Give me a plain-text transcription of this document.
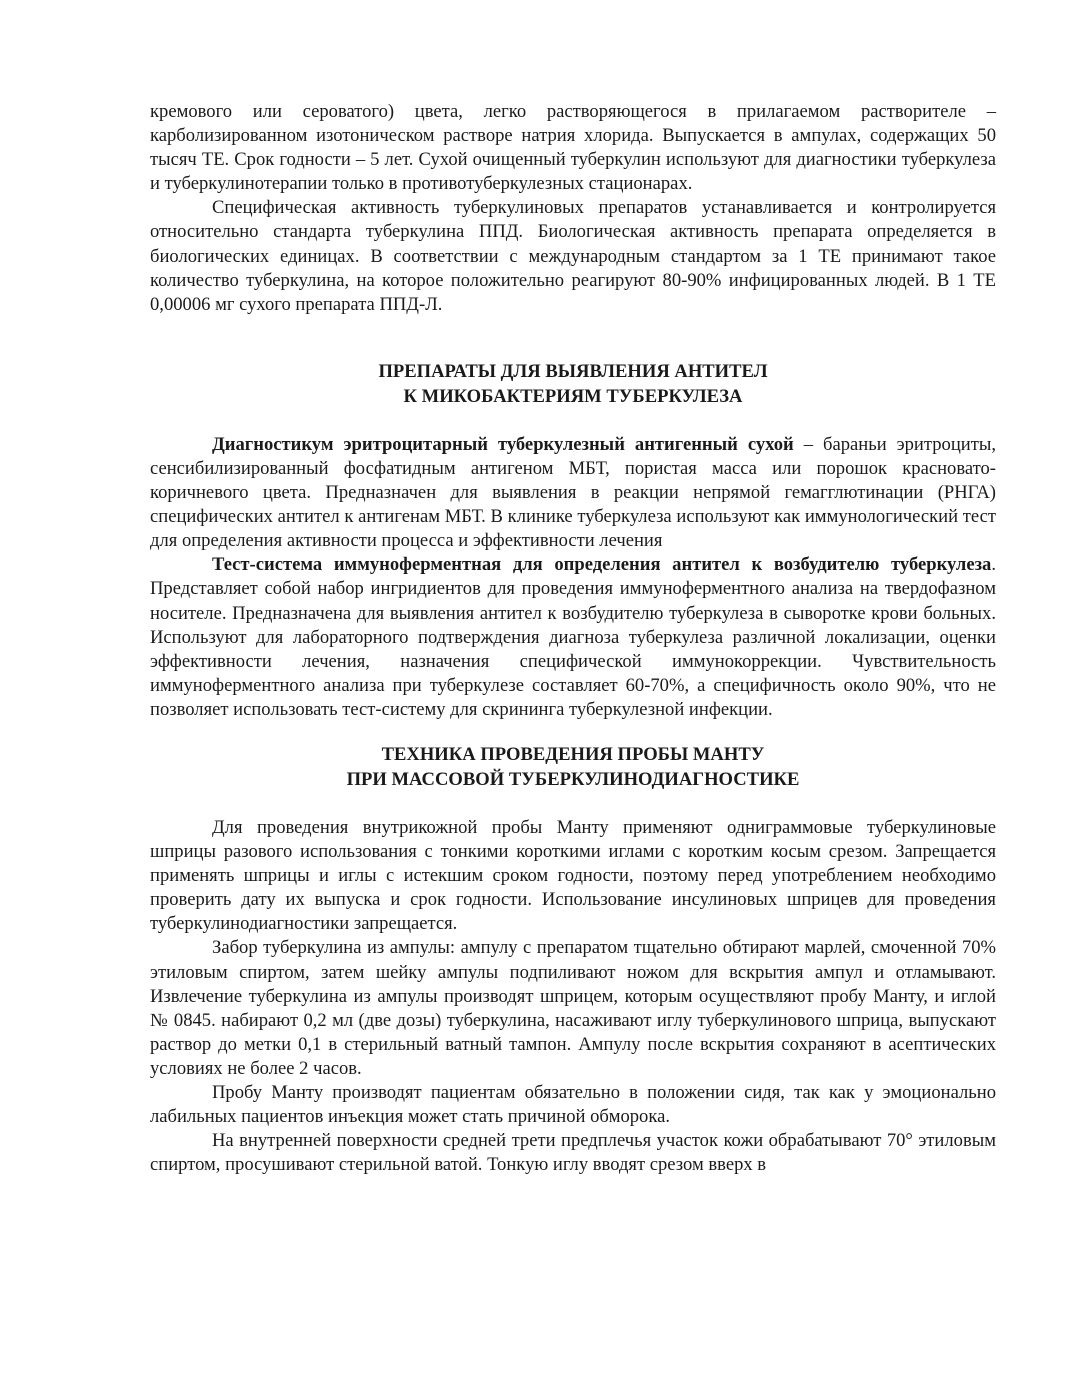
кремового или сероватого) цвета, легко растворяющегося в прилагаемом растворителе – карболизированном изотоническом растворе натрия хлорида. Выпускается в ампулах, содержащих 50 тысяч ТЕ. Срок годности – 5 лет. Сухой очищенный туберкулин используют для диагностики туберкулеза и туберкулинотерапии только в противотуберкулезных стационарах.

Специфическая активность туберкулиновых препаратов устанавливается и контролируется относительно стандарта туберкулина ППД. Биологическая активность препарата определяется в биологических единицах. В соответствии с международным стандартом за 1 ТЕ принимают такое количество туберкулина, на которое положительно реагируют 80-90% инфицированных людей. В 1 ТЕ 0,00006 мг сухого препарата ППД-Л.

ПРЕПАРАТЫ ДЛЯ ВЫЯВЛЕНИЯ АНТИТЕЛ
К МИКОБАКТЕРИЯМ ТУБЕРКУЛЕЗА

Диагностикум эритроцитарный туберкулезный антигенный сухой – бараньи эритроциты, сенсибилизированный фосфатидным антигеном МБТ, пористая масса или порошок красновато-коричневого цвета. Предназначен для выявления в реакции непрямой гемагглютинации (РНГА) специфических антител к антигенам МБТ. В клинике туберкулеза используют как иммунологический тест для определения активности процесса и эффективности лечения

Тест-система иммуноферментная для определения антител к возбудителю туберкулеза. Представляет собой набор ингридиентов для проведения иммуноферментного анализа на твердофазном носителе. Предназначена для выявления антител к возбудителю туберкулеза в сыворотке крови больных. Используют для лабораторного подтверждения диагноза туберкулеза различной локализации, оценки эффективности лечения, назначения специфической иммунокоррекции. Чувствительность иммуноферментного анализа при туберкулезе составляет 60-70%, а специфичность около 90%, что не позволяет использовать тест-систему для скрининга туберкулезной инфекции.

ТЕХНИКА ПРОВЕДЕНИЯ ПРОБЫ МАНТУ
ПРИ МАССОВОЙ ТУБЕРКУЛИНОДИАГНОСТИКЕ

Для проведения внутрикожной пробы Манту применяют одниграммовые туберкулиновые шприцы разового использования с тонкими короткими иглами с коротким косым срезом. Запрещается применять шприцы и иглы с истекшим сроком годности, поэтому перед употреблением необходимо проверить дату их выпуска и срок годности. Использование инсулиновых шприцев для проведения туберкулинодиагностики запрещается.

Забор туберкулина из ампулы: ампулу с препаратом тщательно обтирают марлей, смоченной 70% этиловым спиртом, затем шейку ампулы подпиливают ножом для вскрытия ампул и отламывают. Извлечение туберкулина из ампулы производят шприцем, которым осуществляют пробу Манту, и иглой № 0845. набирают 0,2 мл (две дозы) туберкулина, насаживают иглу туберкулинового шприца, выпускают раствор до метки 0,1 в стерильный ватный тампон. Ампулу после вскрытия сохраняют в асептических условиях не более 2 часов.

Пробу Манту производят пациентам обязательно в положении сидя, так как у эмоционально лабильных пациентов инъекция может стать причиной обморока.

На внутренней поверхности средней трети предплечья участок кожи обрабатывают 70° этиловым спиртом, просушивают стерильной ватой. Тонкую иглу вводят срезом вверх в
